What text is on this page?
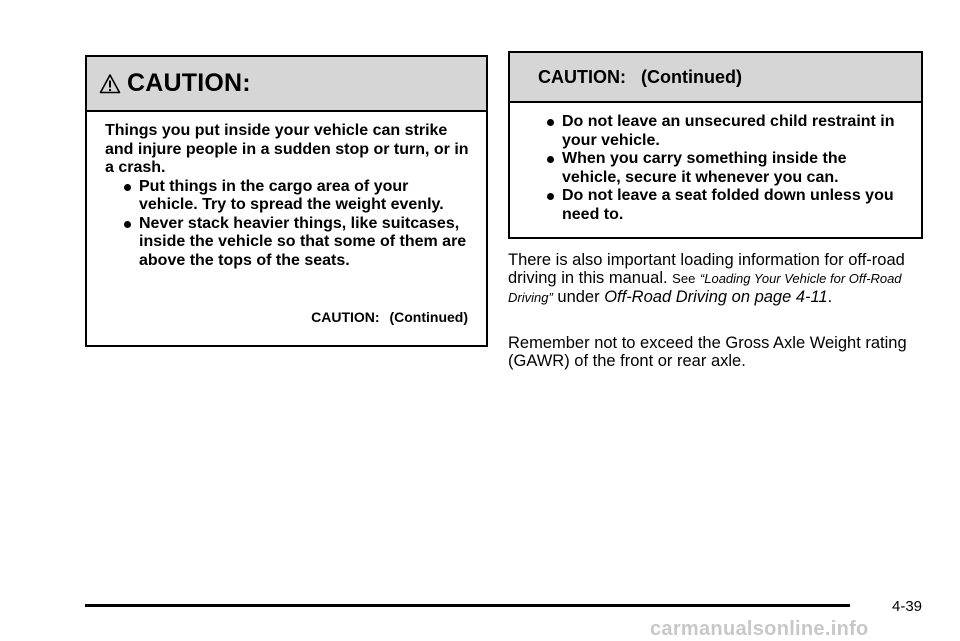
CAUTION:

Things you put inside your vehicle can strike and injure people in a sudden stop or turn, or in a crash.

Put things in the cargo area of your vehicle. Try to spread the weight evenly.
Never stack heavier things, like suitcases, inside the vehicle so that some of them are above the tops of the seats.
CAUTION: (Continued)
CAUTION: (Continued)
Do not leave an unsecured child restraint in your vehicle.
When you carry something inside the vehicle, secure it whenever you can.
Do not leave a seat folded down unless you need to.

There is also important loading information for off-road driving in this manual. See “Loading Your Vehicle for Off-Road Driving” under Off-Road Driving on page 4-11.

Remember not to exceed the Gross Axle Weight rating (GAWR) of the front or rear axle.

4-39
carmanualsonline.info
